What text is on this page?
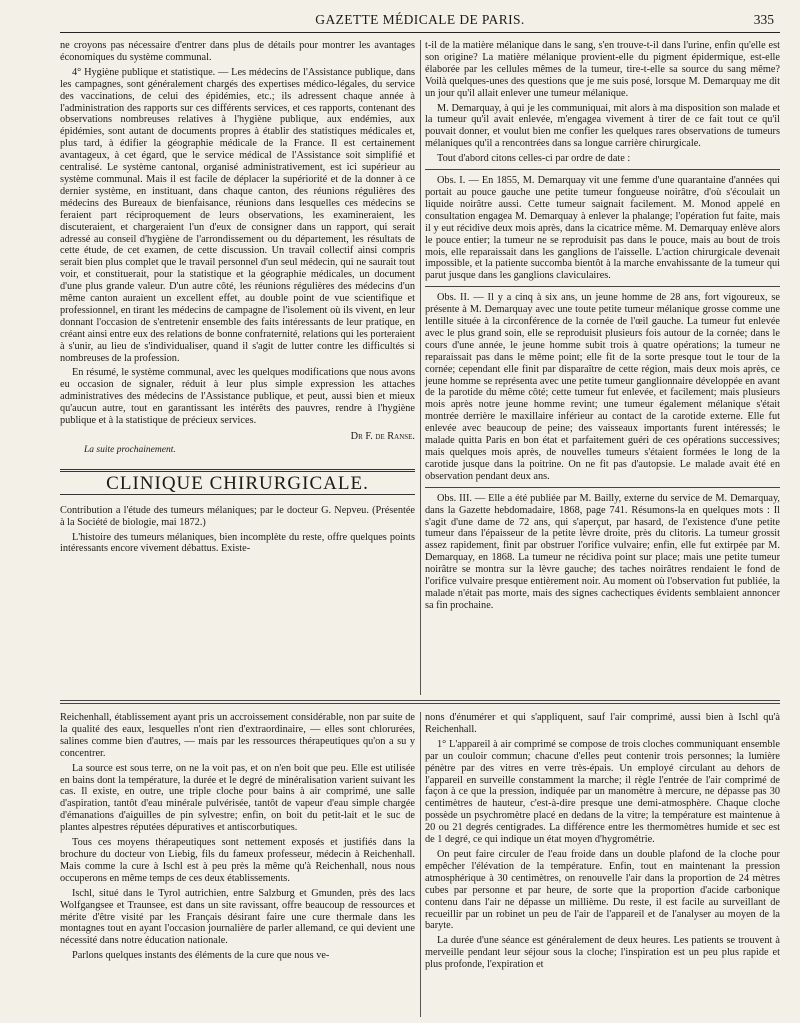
GAZETTE MÉDICALE DE PARIS.	335

ne croyons pas nécessaire d'entrer dans plus de détails pour montrer les avantages économiques du système communal.

4° Hygiène publique et statistique. — Les médecins de l'Assistance publique, dans les campagnes, sont généralement chargés des expertises médico-légales, du service des vaccinations, de celui des épidémies, etc.; ils adressent chaque année à l'administration des rapports sur ces différents services, et ces rapports, contenant des observations nombreuses relatives à l'hygiène publique, aux endémies, aux épidémies, sont autant de documents propres à établir des statistiques médicales et, plus tard, à édifier la géographie médicale de la France. Il est certainement avantageux, à cet égard, que le service médical de l'Assistance soit simplifié et centralisé. Le système cantonal, organisé administrativement, est ici supérieur au système communal. Mais il est facile de déplacer la supériorité et de la donner à ce dernier système, en instituant, dans chaque canton, des réunions régulières des médecins des Bureaux de bienfaisance, réunions dans lesquelles ces médecins se feraient part réciproquement de leurs observations, les examineraient, les discuteraient, et chargeraient l'un d'eux de consigner dans un rapport, qui serait adressé au conseil d'hygiène de l'arrondissement ou du département, les résultats de cette étude, de cet examen, de cette discussion. Un travail collectif ainsi compris serait bien plus complet que le travail personnel d'un seul médecin, qui ne saurait tout voir, et constituerait, pour la statistique et la géographie médicales, un document d'une plus grande valeur. D'un autre côté, les réunions régulières des médecins d'un même canton auraient un excellent effet, au double point de vue scientifique et professionnel, en tirant les médecins de campagne de l'isolement où ils vivent, en leur donnant l'occasion de s'entretenir ensemble des faits intéressants de leur pratique, en créant ainsi entre eux des relations de bonne confraternité, relations qui les porteraient à s'unir, au lieu de s'individualiser, quand il s'agit de lutter contre les difficultés si nombreuses de la profession.

En résumé, le système communal, avec les quelques modifications que nous avons eu occasion de signaler, réduit à leur plus simple expression les attaches administratives des médecins de l'Assistance publique, et peut, aussi bien et mieux qu'aucun autre, tout en garantissant les intérêts des pauvres, rendre à l'hygiène publique et à la statistique de précieux services.

Dr F. de Ranse.
La suite prochainement.
CLINIQUE CHIRURGICALE.

Contribution a l'étude des tumeurs mélaniques; par le docteur G. Nepveu. (Présentée à la Société de biologie, mai 1872.)

L'histoire des tumeurs mélaniques, bien incomplète du reste, offre quelques points intéressants encore vivement débattus. Existe-

t-il de la matière mélanique dans le sang, s'en trouve-t-il dans l'urine, enfin qu'elle est son origine? La matière mélanique provient-elle du pigment épidermique, est-elle élaborée par les cellules mêmes de la tumeur, tire-t-elle sa source du sang même? Voilà quelques-unes des questions que je me suis posé, lorsque M. Demarquay me dit un jour qu'il allait enlever une tumeur mélanique.

M. Demarquay, à qui je les communiquai, mit alors à ma disposition son malade et la tumeur qu'il avait enlevée, m'engagea vivement à tirer de ce fait tout ce qu'il pouvait donner, et voulut bien me confier les quelques rares observations de tumeurs mélaniques qu'il a rencontrées dans sa longue carrière chirurgicale.

Tout d'abord citons celles-ci par ordre de date :

Obs. I. — En 1855, M. Demarquay vit une femme d'une quarantaine d'années qui portait au pouce gauche une petite tumeur fongueuse noirâtre, d'où s'écoulait un liquide noirâtre aussi. Cette tumeur saignait facilement. M. Monod appelé en consultation engagea M. Demarquay à enlever la phalange; l'opération fut faite, mais il y eut récidive deux mois après, dans la cicatrice même. M. Demarquay enlève alors le pouce entier; la tumeur ne se reproduisit pas dans le pouce, mais au bout de trois mois, elle reparaissait dans les ganglions de l'aisselle. L'action chirurgicale devenait impossible, et la patiente succomba bientôt à la marche envahissante de la tumeur qui parut jusque dans les ganglions claviculaires.

Obs. II. — Il y a cinq à six ans, un jeune homme de 28 ans, fort vigoureux, se présente à M. Demarquay avec une toute petite tumeur mélanique grosse comme une lentille située à la circonférence de la cornée de l'œil gauche. La tumeur fut enlevée avec le plus grand soin, elle se reproduisit plusieurs fois autour de la cornée; dans le cours d'une année, le jeune homme subit trois à quatre opérations; la tumeur ne reparaissait pas dans le même point; elle fit de la sorte presque tout le tour de la cornée; cependant elle finit par disparaître de cette région, mais deux mois après, ce jeune homme se représenta avec une petite tumeur ganglionnaire développée en avant de la parotide du même côté; cette tumeur fut enlevée, et facilement; mais plusieurs mois après notre jeune homme revint; une tumeur également mélanique s'était montrée derrière le maxillaire inférieur au contact de la carotide externe. Elle fut enlevée avec beaucoup de peine; des vaisseaux importants furent intéressés; le malade quitta Paris en bon état et parfaitement guéri de ces opérations successives; mais quelques mois après, de nouvelles tumeurs s'étaient formées le long de la carotide jusque dans la poitrine. On ne fit pas d'autopsie. Le malade avait été en observation pendant deux ans.

Obs. III. — Elle a été publiée par M. Bailly, externe du service de M. Demarquay, dans la Gazette hebdomadaire, 1868, page 741. Résumons-la en quelques mots : Il s'agit d'une dame de 72 ans, qui s'aperçut, par hasard, de l'existence d'une petite tumeur dans l'épaisseur de la petite lèvre droite, près du clitoris. La tumeur grossit assez rapidement, finit par obstruer l'orifice vulvaire; enfin, elle fut extirpée par M. Demarquay, en 1868. La tumeur ne récidiva point sur place; mais une petite tumeur noirâtre se montra sur la lèvre gauche; des taches noirâtres rendaient le fond de l'orifice vulvaire presque entièrement noir. Au moment où l'observation fut publiée, la malade n'était pas morte, mais des signes cachectiques évidents semblaient annoncer sa fin prochaine.

Reichenhall, établissement ayant pris un accroissement considérable, non par suite de la qualité des eaux, lesquelles n'ont rien d'extraordinaire, — elles sont chlorurées, salines comme bien d'autres, — mais par les ressources thérapeutiques qu'on a su y concentrer.

La source est sous terre, on ne la voit pas, et on n'en boit que peu. Elle est utilisée en bains dont la température, la durée et le degré de minéralisation varient suivant les cas. Il existe, en outre, une triple cloche pour bains à air comprimé, une salle d'aspiration, tantôt d'eau minérale pulvérisée, tantôt de vapeur d'eau simple chargée d'émanations d'aiguilles de pin sylvestre; enfin, on boit du petit-lait et le suc de plantes alpestres réputées dépuratives et antiscorbutiques.

Tous ces moyens thérapeutiques sont nettement exposés et justifiés dans la brochure du docteur von Liebig, fils du fameux professeur, médecin à Reichenhall. Mais comme la cure à Ischl est à peu près la même qu'à Reichenhall, nous nous occuperons en même temps de ces deux établissements.

Ischl, situé dans le Tyrol autrichien, entre Salzburg et Gmunden, près des lacs Wolfgangsee et Traunsee, est dans un site ravissant, offre beaucoup de ressources et mérite d'être visité par les Français désirant faire une cure thermale dans les montagnes tout en ayant l'occasion journalière de parler allemand, ce qui devient une nécessité dans notre éducation nationale.

Parlons quelques instants des éléments de la cure que nous ve-

nons d'énumérer et qui s'appliquent, sauf l'air comprimé, aussi bien à Ischl qu'à Reichenhall.

1° L'appareil à air comprimé se compose de trois cloches communiquant ensemble par un couloir commun; chacune d'elles peut contenir trois personnes; la lumière pénètre par des vitres en verre très-épais. Un employé circulant au dehors de l'appareil en surveille constamment la marche; il règle l'entrée de l'air comprimé de façon à ce que la pression, indiquée par un manomètre à mercure, ne dépasse pas 30 centimètres de hauteur, c'est-à-dire presque une demi-atmosphère. Chaque cloche possède un psychromètre placé en dedans de la vitre; la température est maintenue à 20 ou 21 degrés centigrades. La différence entre les thermomètres humide et sec est de 1 degré, ce qui indique un état moyen d'hygrométrie.

On peut faire circuler de l'eau froide dans un double plafond de la cloche pour empêcher l'élévation de la température. Enfin, tout en maintenant la pression atmosphérique à 30 centimètres, on renouvelle l'air dans la proportion de 24 mètres cubes par personne et par heure, de sorte que la proportion d'acide carbonique contenu dans l'air ne dépasse un millième. Du reste, il est facile au surveillant de recueillir par un robinet un peu de l'air de l'appareil et de l'analyser au moyen de la baryte.

La durée d'une séance est généralement de deux heures. Les patients se trouvent à merveille pendant leur séjour sous la cloche; l'inspiration est un peu plus rapide et plus profonde, l'expiration et
